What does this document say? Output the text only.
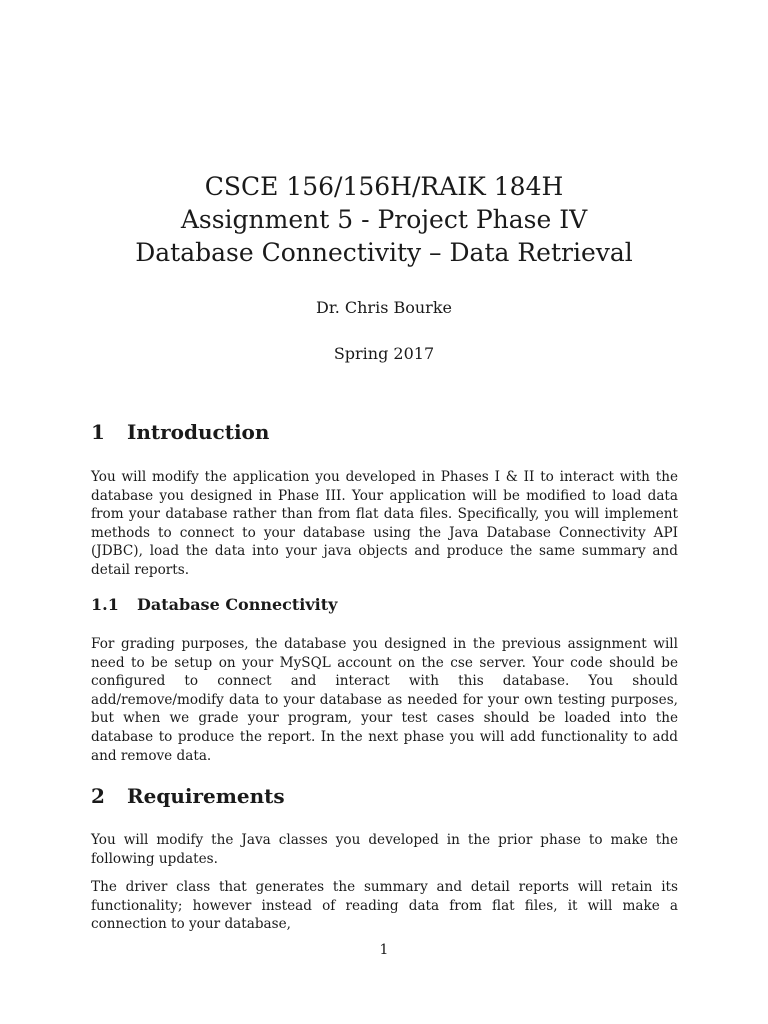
CSCE 156/156H/RAIK 184H

Assignment 5 - Project Phase IV

Database Connectivity – Data Retrieval

Dr. Chris Bourke
Spring 2017
1 Introduction

You will modify the application you developed in Phases I & II to interact with the database you designed in Phase III. Your application will be modified to load data from your database rather than from flat data files. Specifically, you will implement methods to connect to your database using the Java Database Connectivity API (JDBC), load the data into your java objects and produce the same summary and detail reports.

1.1 Database Connectivity

For grading purposes, the database you designed in the previous assignment will need to be setup on your MySQL account on the cse server. Your code should be configured to connect and interact with this database. You should add/remove/modify data to your database as needed for your own testing purposes, but when we grade your program, your test cases should be loaded into the database to produce the report. In the next phase you will add functionality to add and remove data.

2 Requirements

You will modify the Java classes you developed in the prior phase to make the following updates.

The driver class that generates the summary and detail reports will retain its functionality; however instead of reading data from flat files, it will make a connection to your database,

1
